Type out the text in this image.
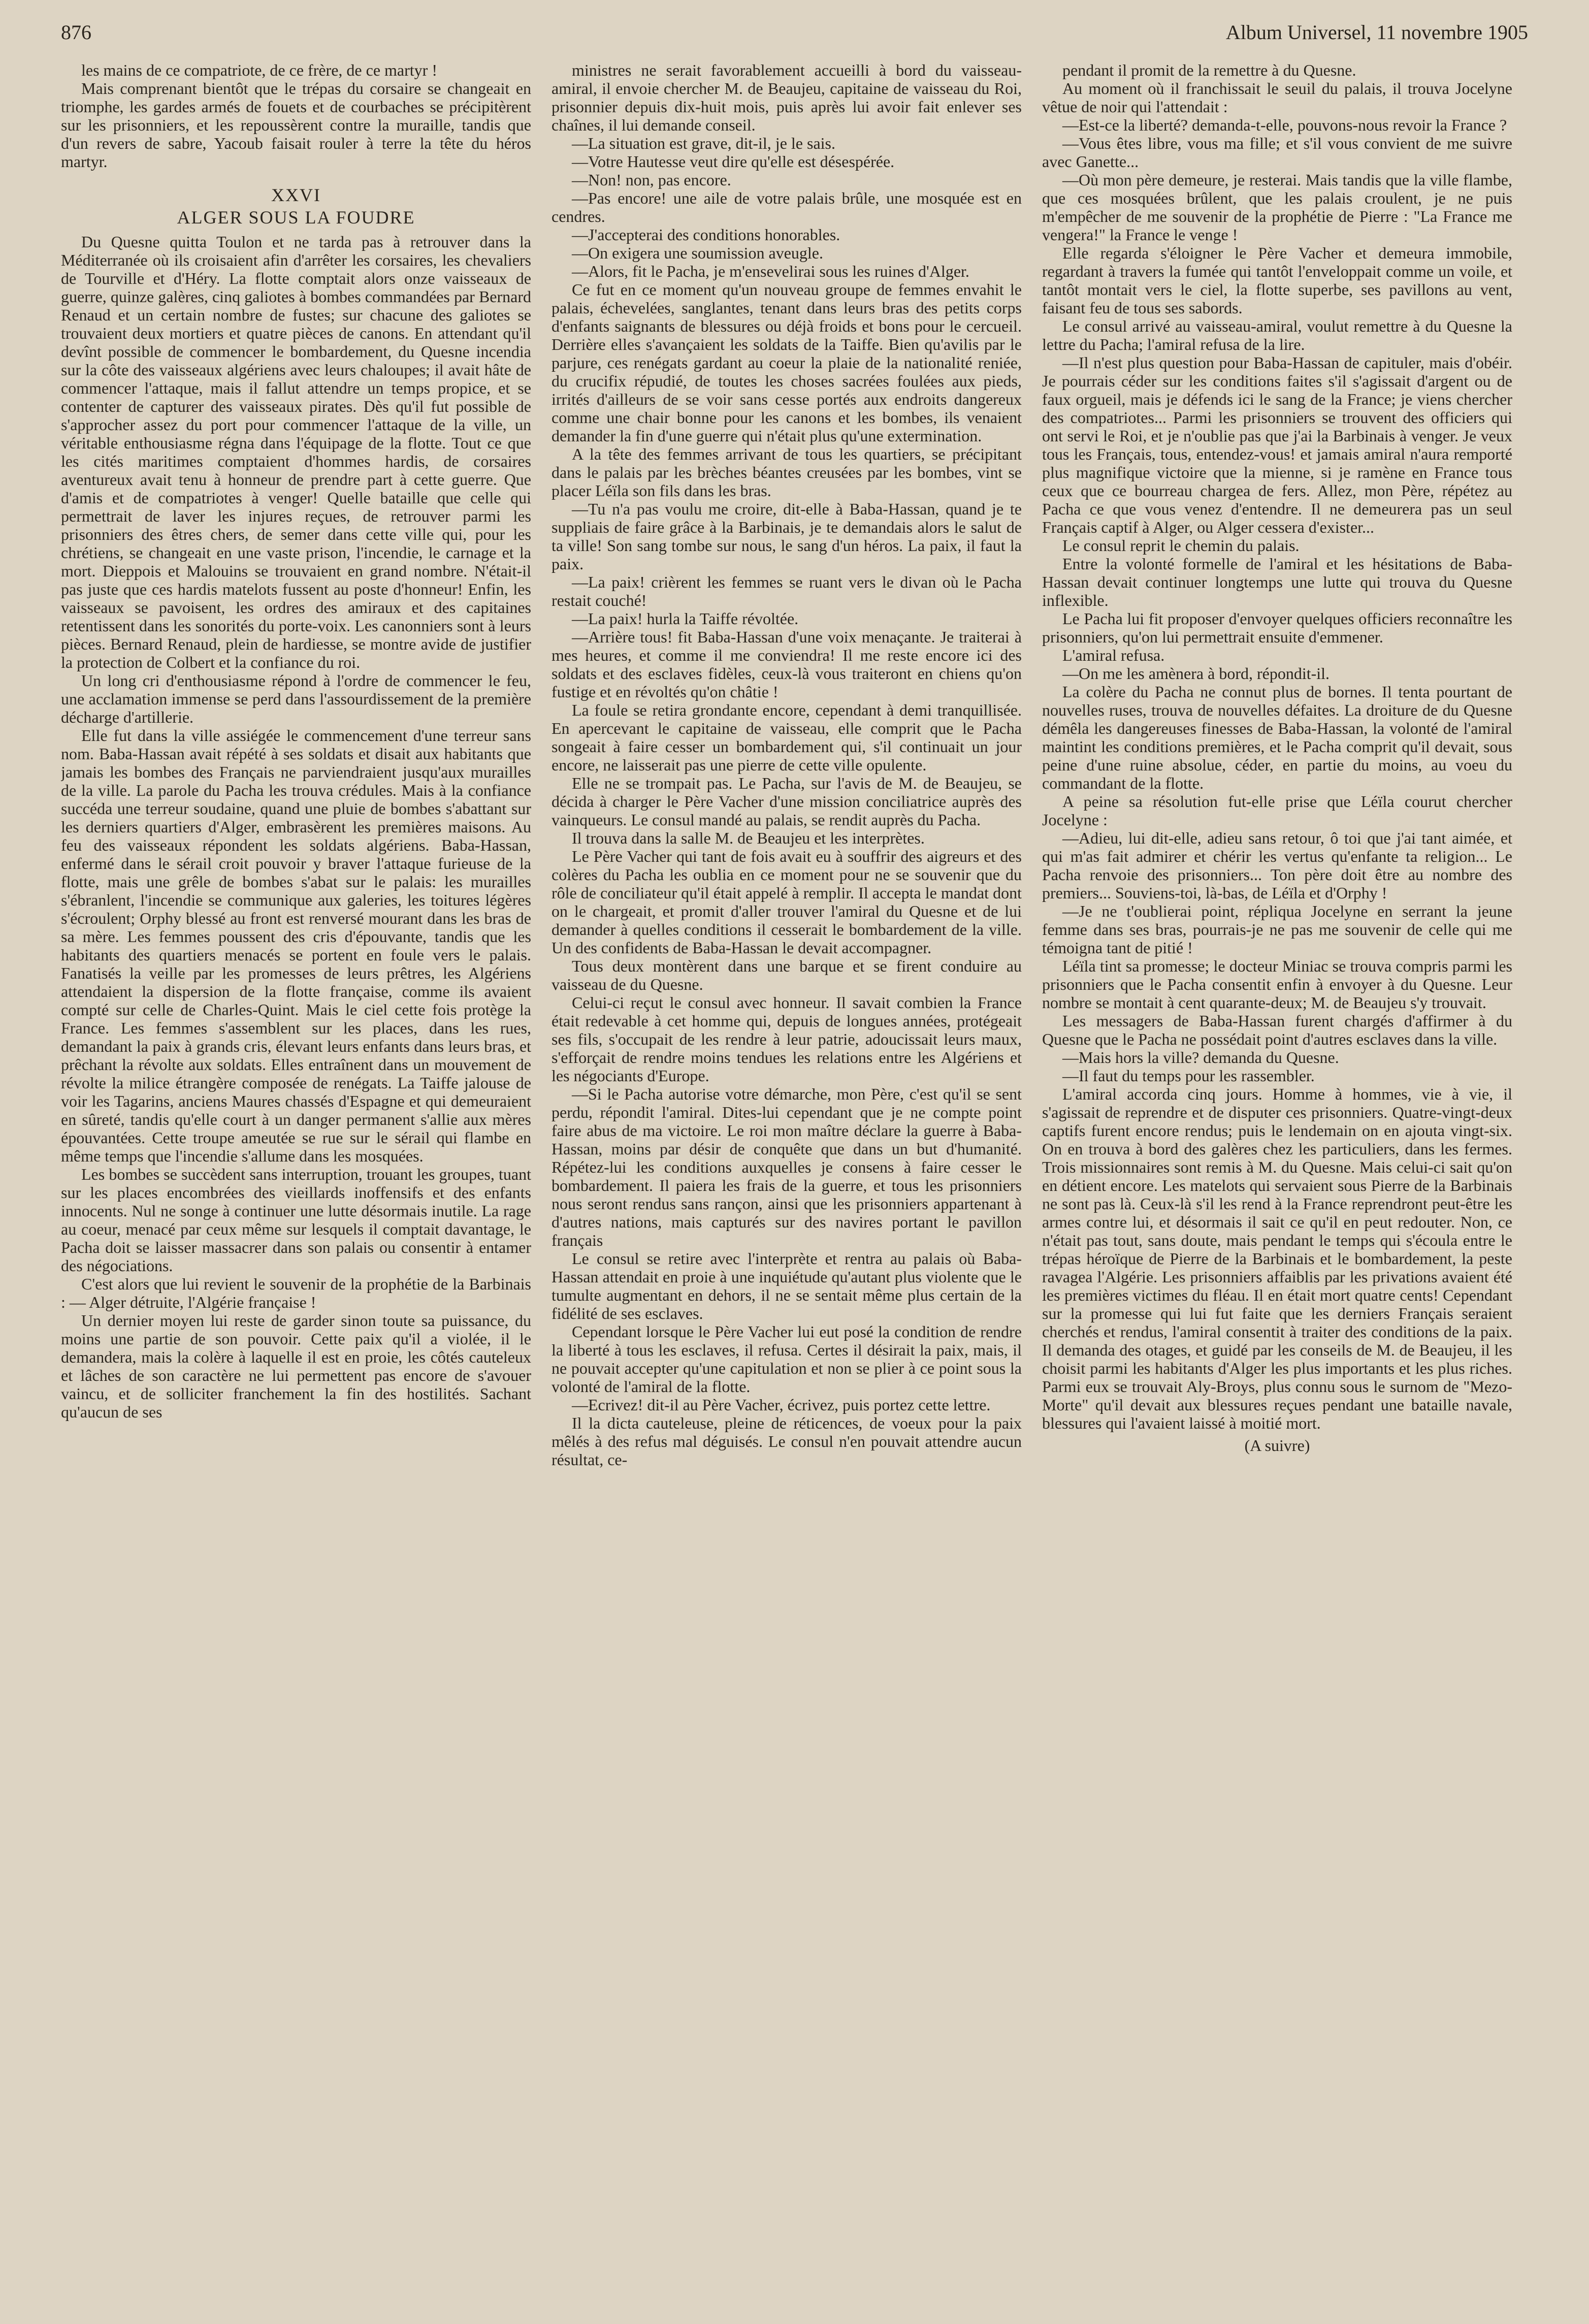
876	Album Universel, 11 novembre 1905

les mains de ce compatriote, de ce frère, de ce martyr !

Mais comprenant bientôt que le trépas du corsaire se changeait en triomphe, les gardes armés de fouets et de courbaches se précipitèrent sur les prisonniers, et les repoussèrent contre la muraille, tandis que d'un revers de sabre, Yacoub faisait rouler à terre la tête du héros martyr.

XXVI
ALGER SOUS LA FOUDRE

Du Quesne quitta Toulon et ne tarda pas à retrouver dans la Méditerranée où ils croisaient afin d'arrêter les corsaires, les chevaliers de Tourville et d'Héry. La flotte comptait alors onze vaisseaux de guerre, quinze galères, cinq galiotes à bombes commandées par Bernard Renaud et un certain nombre de fustes; sur chacune des galiotes se trouvaient deux mortiers et quatre pièces de canons. En attendant qu'il devînt possible de commencer le bombardement, du Quesne incendia sur la côte des vaisseaux algériens avec leurs chaloupes; il avait hâte de commencer l'attaque, mais il fallut attendre un temps propice, et se contenter de capturer des vaisseaux pirates. Dès qu'il fut possible de s'approcher assez du port pour commencer l'attaque de la ville, un véritable enthousiasme régna dans l'équipage de la flotte. Tout ce que les cités maritimes comptaient d'hommes hardis, de corsaires aventureux avait tenu à honneur de prendre part à cette guerre. Que d'amis et de compatriotes à venger! Quelle bataille que celle qui permettrait de laver les injures reçues, de retrouver parmi les prisonniers des êtres chers, de semer dans cette ville qui, pour les chrétiens, se changeait en une vaste prison, l'incendie, le carnage et la mort. Dieppois et Malouins se trouvaient en grand nombre. N'était-il pas juste que ces hardis matelots fussent au poste d'honneur! Enfin, les vaisseaux se pavoisent, les ordres des amiraux et des capitaines retentissent dans les sonorités du porte-voix. Les canonniers sont à leurs pièces. Bernard Renaud, plein de hardiesse, se montre avide de justifier la protection de Colbert et la confiance du roi.

Un long cri d'enthousiasme répond à l'ordre de commencer le feu, une acclamation immense se perd dans l'assourdissement de la première décharge d'artillerie.

Elle fut dans la ville assiégée le commencement d'une terreur sans nom. Baba-Hassan avait répété à ses soldats et disait aux habitants que jamais les bombes des Français ne parviendraient jusqu'aux murailles de la ville. La parole du Pacha les trouva crédules. Mais à la confiance succéda une terreur soudaine, quand une pluie de bombes s'abattant sur les derniers quartiers d'Alger, embrasèrent les premières maisons. Au feu des vaisseaux répondent les soldats algériens. Baba-Hassan, enfermé dans le sérail croit pouvoir y braver l'attaque furieuse de la flotte, mais une grêle de bombes s'abat sur le palais: les murailles s'ébranlent, l'incendie se communique aux galeries, les toitures légères s'écroulent; Orphy blessé au front est renversé mourant dans les bras de sa mère. Les femmes poussent des cris d'épouvante, tandis que les habitants des quartiers menacés se portent en foule vers le palais. Fanatisés la veille par les promesses de leurs prêtres, les Algériens attendaient la dispersion de la flotte française, comme ils avaient compté sur celle de Charles-Quint. Mais le ciel cette fois protège la France. Les femmes s'assemblent sur les places, dans les rues, demandant la paix à grands cris, élevant leurs enfants dans leurs bras, et prêchant la révolte aux soldats. Elles entraînent dans un mouvement de révolte la milice étrangère composée de renégats. La Taiffe jalouse de voir les Tagarins, anciens Maures chassés d'Espagne et qui demeuraient en sûreté, tandis qu'elle court à un danger permanent s'allie aux mères épouvantées. Cette troupe ameutée se rue sur le sérail qui flambe en même temps que l'incendie s'allume dans les mosquées.

Les bombes se succèdent sans interruption, trouant les groupes, tuant sur les places encombrées des vieillards inoffensifs et des enfants innocents. Nul ne songe à continuer une lutte désormais inutile. La rage au coeur, menacé par ceux même sur lesquels il comptait davantage, le Pacha doit se laisser massacrer dans son palais ou consentir à entamer des négociations.

C'est alors que lui revient le souvenir de la prophétie de la Barbinais : — Alger détruite, l'Algérie française !

Un dernier moyen lui reste de garder sinon toute sa puissance, du moins une partie de son pouvoir. Cette paix qu'il a violée, il le demandera, mais la colère à laquelle il est en proie, les côtés cauteleux et lâches de son caractère ne lui permettent pas encore de s'avouer vaincu, et de solliciter franchement la fin des hostilités. Sachant qu'aucun de ses

ministres ne serait favorablement accueilli à bord du vaisseau-amiral, il envoie chercher M. de Beaujeu, capitaine de vaisseau du Roi, prisonnier depuis dix-huit mois, puis après lui avoir fait enlever ses chaînes, il lui demande conseil.

—La situation est grave, dit-il, je le sais.

—Votre Hautesse veut dire qu'elle est désespérée.

—Non! non, pas encore.

—Pas encore! une aile de votre palais brûle, une mosquée est en cendres.

—J'accepterai des conditions honorables.

—On exigera une soumission aveugle.

—Alors, fit le Pacha, je m'ensevelirai sous les ruines d'Alger.

Ce fut en ce moment qu'un nouveau groupe de femmes envahit le palais, échevelées, sanglantes, tenant dans leurs bras des petits corps d'enfants saignants de blessures ou déjà froids et bons pour le cercueil. Derrière elles s'avançaient les soldats de la Taiffe. Bien qu'avilis par le parjure, ces renégats gardant au coeur la plaie de la nationalité reniée, du crucifix répudié, de toutes les choses sacrées foulées aux pieds, irrités d'ailleurs de se voir sans cesse portés aux endroits dangereux comme une chair bonne pour les canons et les bombes, ils venaient demander la fin d'une guerre qui n'était plus qu'une extermination.

A la tête des femmes arrivant de tous les quartiers, se précipitant dans le palais par les brèches béantes creusées par les bombes, vint se placer Léïla son fils dans les bras.

—Tu n'a pas voulu me croire, dit-elle à Baba-Hassan, quand je te suppliais de faire grâce à la Barbinais, je te demandais alors le salut de ta ville! Son sang tombe sur nous, le sang d'un héros. La paix, il faut la paix.

—La paix! crièrent les femmes se ruant vers le divan où le Pacha restait couché!

—La paix! hurla la Taiffe révoltée.

—Arrière tous! fit Baba-Hassan d'une voix menaçante. Je traiterai à mes heures, et comme il me conviendra! Il me reste encore ici des soldats et des esclaves fidèles, ceux-là vous traiteront en chiens qu'on fustige et en révoltés qu'on châtie !

La foule se retira grondante encore, cependant à demi tranquillisée. En apercevant le capitaine de vaisseau, elle comprit que le Pacha songeait à faire cesser un bombardement qui, s'il continuait un jour encore, ne laisserait pas une pierre de cette ville opulente.

Elle ne se trompait pas. Le Pacha, sur l'avis de M. de Beaujeu, se décida à charger le Père Vacher d'une mission conciliatrice auprès des vainqueurs. Le consul mandé au palais, se rendit auprès du Pacha.

Il trouva dans la salle M. de Beaujeu et les interprètes.

Le Père Vacher qui tant de fois avait eu à souffrir des aigreurs et des colères du Pacha les oublia en ce moment pour ne se souvenir que du rôle de conciliateur qu'il était appelé à remplir. Il accepta le mandat dont on le chargeait, et promit d'aller trouver l'amiral du Quesne et de lui demander à quelles conditions il cesserait le bombardement de la ville. Un des confidents de Baba-Hassan le devait accompagner.

Tous deux montèrent dans une barque et se firent conduire au vaisseau de du Quesne.

Celui-ci reçut le consul avec honneur. Il savait combien la France était redevable à cet homme qui, depuis de longues années, protégeait ses fils, s'occupait de les rendre à leur patrie, adoucissait leurs maux, s'efforçait de rendre moins tendues les relations entre les Algériens et les négociants d'Europe.

—Si le Pacha autorise votre démarche, mon Père, c'est qu'il se sent perdu, répondit l'amiral. Dites-lui cependant que je ne compte point faire abus de ma victoire. Le roi mon maître déclare la guerre à Baba-Hassan, moins par désir de conquête que dans un but d'humanité. Répétez-lui les conditions auxquelles je consens à faire cesser le bombardement. Il paiera les frais de la guerre, et tous les prisonniers nous seront rendus sans rançon, ainsi que les prisonniers appartenant à d'autres nations, mais capturés sur des navires portant le pavillon français

Le consul se retire avec l'interprète et rentra au palais où Baba-Hassan attendait en proie à une inquiétude qu'autant plus violente que le tumulte augmentant en dehors, il ne se sentait même plus certain de la fidélité de ses esclaves.

Cependant lorsque le Père Vacher lui eut posé la condition de rendre la liberté à tous les esclaves, il refusa. Certes il désirait la paix, mais, il ne pouvait accepter qu'une capitulation et non se plier à ce point sous la volonté de l'amiral de la flotte.

—Ecrivez! dit-il au Père Vacher, écrivez, puis portez cette lettre.

Il la dicta cauteleuse, pleine de réticences, de voeux pour la paix mêlés à des refus mal déguisés. Le consul n'en pouvait attendre aucun résultat, ce-

pendant il promit de la remettre à du Quesne.

Au moment où il franchissait le seuil du palais, il trouva Jocelyne vêtue de noir qui l'attendait :

—Est-ce la liberté? demanda-t-elle, pouvons-nous revoir la France ?

—Vous êtes libre, vous ma fille; et s'il vous convient de me suivre avec Ganette...

—Où mon père demeure, je resterai. Mais tandis que la ville flambe, que ces mosquées brûlent, que les palais croulent, je ne puis m'empêcher de me souvenir de la prophétie de Pierre : "La France me vengera!" la France le venge !

Elle regarda s'éloigner le Père Vacher et demeura immobile, regardant à travers la fumée qui tantôt l'enveloppait comme un voile, et tantôt montait vers le ciel, la flotte superbe, ses pavillons au vent, faisant feu de tous ses sabords.

Le consul arrivé au vaisseau-amiral, voulut remettre à du Quesne la lettre du Pacha; l'amiral refusa de la lire.

—Il n'est plus question pour Baba-Hassan de capituler, mais d'obéir. Je pourrais céder sur les conditions faites s'il s'agissait d'argent ou de faux orgueil, mais je défends ici le sang de la France; je viens chercher des compatriotes... Parmi les prisonniers se trouvent des officiers qui ont servi le Roi, et je n'oublie pas que j'ai la Barbinais à venger. Je veux tous les Français, tous, entendez-vous! et jamais amiral n'aura remporté plus magnifique victoire que la mienne, si je ramène en France tous ceux que ce bourreau chargea de fers. Allez, mon Père, répétez au Pacha ce que vous venez d'entendre. Il ne demeurera pas un seul Français captif à Alger, ou Alger cessera d'exister...

Le consul reprit le chemin du palais.

Entre la volonté formelle de l'amiral et les hésitations de Baba-Hassan devait continuer longtemps une lutte qui trouva du Quesne inflexible.

Le Pacha lui fit proposer d'envoyer quelques officiers reconnaître les prisonniers, qu'on lui permettrait ensuite d'emmener.

L'amiral refusa.

—On me les amènera à bord, répondit-il.

La colère du Pacha ne connut plus de bornes. Il tenta pourtant de nouvelles ruses, trouva de nouvelles défaites. La droiture de du Quesne démêla les dangereuses finesses de Baba-Hassan, la volonté de l'amiral maintint les conditions premières, et le Pacha comprit qu'il devait, sous peine d'une ruine absolue, céder, en partie du moins, au voeu du commandant de la flotte.

A peine sa résolution fut-elle prise que Léïla courut chercher Jocelyne :

—Adieu, lui dit-elle, adieu sans retour, ô toi que j'ai tant aimée, et qui m'as fait admirer et chérir les vertus qu'enfante ta religion... Le Pacha renvoie des prisonniers... Ton père doit être au nombre des premiers... Souviens-toi, là-bas, de Léïla et d'Orphy !

—Je ne t'oublierai point, répliqua Jocelyne en serrant la jeune femme dans ses bras, pourrais-je ne pas me souvenir de celle qui me témoigna tant de pitié !

Léïla tint sa promesse; le docteur Miniac se trouva compris parmi les prisonniers que le Pacha consentit enfin à envoyer à du Quesne. Leur nombre se montait à cent quarante-deux; M. de Beaujeu s'y trouvait.

Les messagers de Baba-Hassan furent chargés d'affirmer à du Quesne que le Pacha ne possédait point d'autres esclaves dans la ville.

—Mais hors la ville? demanda du Quesne.

—Il faut du temps pour les rassembler.

L'amiral accorda cinq jours. Homme à hommes, vie à vie, il s'agissait de reprendre et de disputer ces prisonniers. Quatre-vingt-deux captifs furent encore rendus; puis le lendemain on en ajouta vingt-six. On en trouva à bord des galères chez les particuliers, dans les fermes. Trois missionnaires sont remis à M. du Quesne. Mais celui-ci sait qu'on en détient encore. Les matelots qui servaient sous Pierre de la Barbinais ne sont pas là. Ceux-là s'il les rend à la France reprendront peut-être les armes contre lui, et désormais il sait ce qu'il en peut redouter. Non, ce n'était pas tout, sans doute, mais pendant le temps qui s'écoula entre le trépas héroïque de Pierre de la Barbinais et le bombardement, la peste ravagea l'Algérie. Les prisonniers affaiblis par les privations avaient été les premières victimes du fléau. Il en était mort quatre cents! Cependant sur la promesse qui lui fut faite que les derniers Français seraient cherchés et rendus, l'amiral consentit à traiter des conditions de la paix. Il demanda des otages, et guidé par les conseils de M. de Beaujeu, il les choisit parmi les habitants d'Alger les plus importants et les plus riches. Parmi eux se trouvait Aly-Broys, plus connu sous le surnom de "Mezo-Morte" qu'il devait aux blessures reçues pendant une bataille navale, blessures qui l'avaient laissé à moitié mort.

(A suivre)
